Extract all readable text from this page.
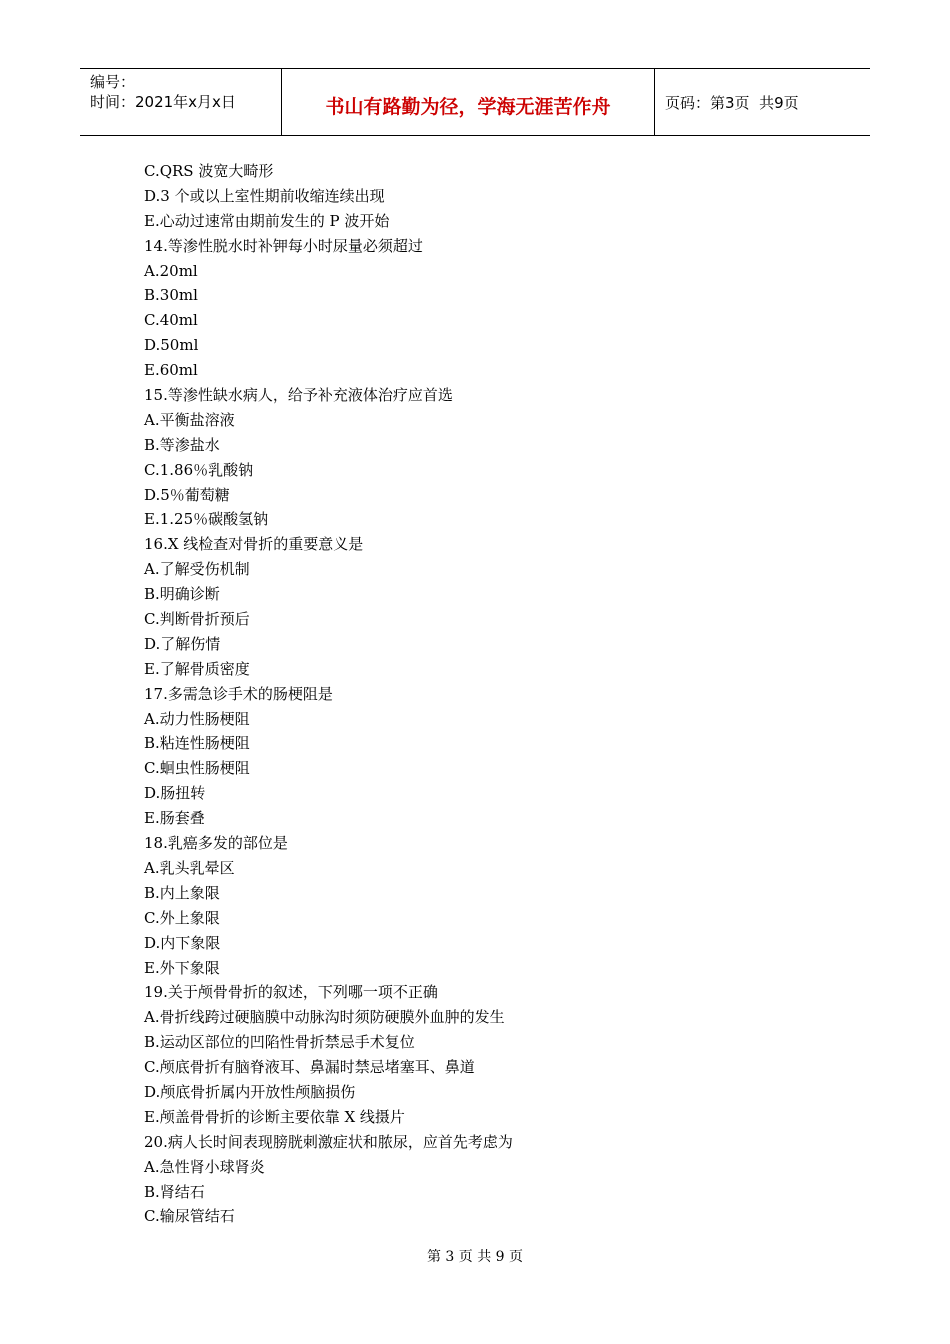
编号：
时间：2021年x月x日	书山有路勤为径，学海无涯苦作舟	页码：第3页  共9页
C.QRS 波宽大畸形
D.3 个或以上室性期前收缩连续出现
E.心动过速常由期前发生的 P 波开始
14.等渗性脱水时补钾每小时尿量必须超过
A.20ml
B.30ml
C.40ml
D.50ml
E.60ml
15.等渗性缺水病人，给予补充液体治疗应首选
A.平衡盐溶液
B.等渗盐水
C.1.86％乳酸钠
D.5％葡萄糖
E.1.25％碳酸氢钠
16.X 线检查对骨折的重要意义是
A.了解受伤机制
B.明确诊断
C.判断骨折预后
D.了解伤情
E.了解骨质密度
17.多需急诊手术的肠梗阻是
A.动力性肠梗阻
B.粘连性肠梗阻
C.蛔虫性肠梗阻
D.肠扭转
E.肠套叠
18.乳癌多发的部位是
A.乳头乳晕区
B.内上象限
C.外上象限
D.内下象限
E.外下象限
19.关于颅骨骨折的叙述，下列哪一项不正确
A.骨折线跨过硬脑膜中动脉沟时须防硬膜外血肿的发生
B.运动区部位的凹陷性骨折禁忌手术复位
C.颅底骨折有脑脊液耳、鼻漏时禁忌堵塞耳、鼻道
D.颅底骨折属内开放性颅脑损伤
E.颅盖骨骨折的诊断主要依靠 X 线摄片
20.病人长时间表现膀胱刺激症状和脓尿，应首先考虑为
A.急性肾小球肾炎
B.肾结石
C.输尿管结石
第 3 页 共 9 页
